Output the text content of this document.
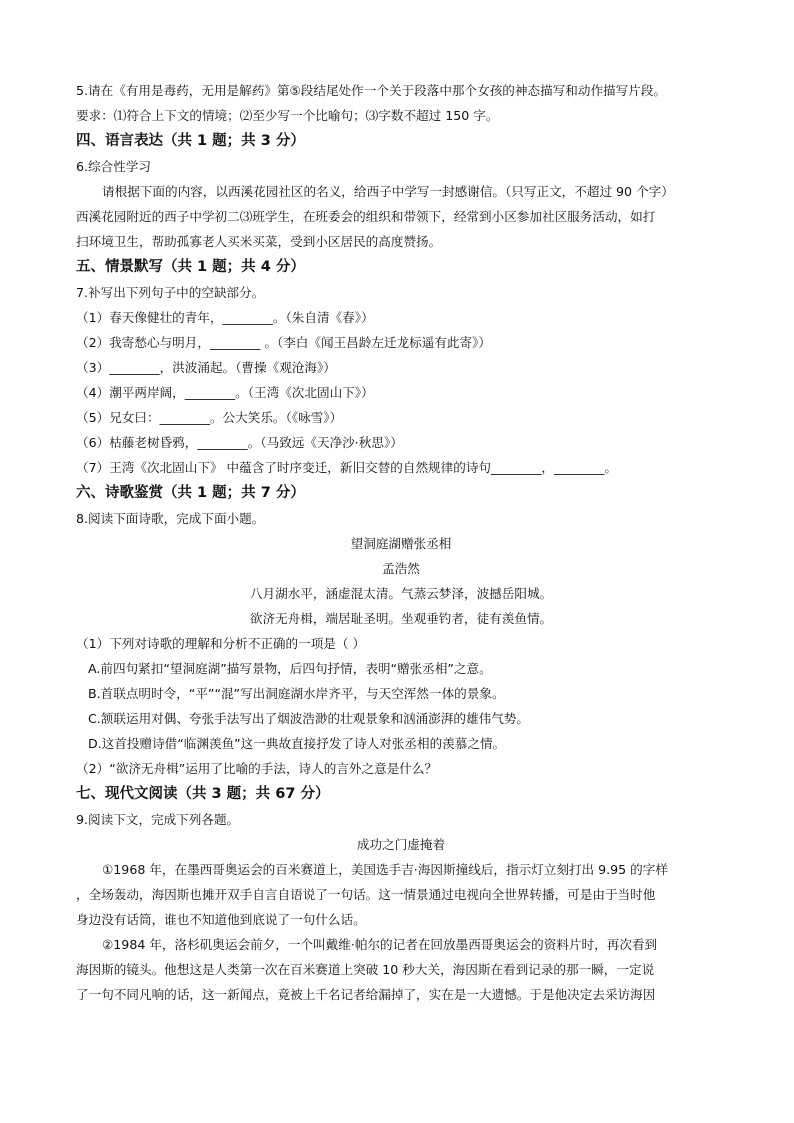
5.请在《有用是毒药，无用是解药》第⑤段结尾处作一个关于段落中那个女孩的神态描写和动作描写片段。
要求：⑴符合上下文的情境；⑵至少写一个比喻句；⑶字数不超过 150 字。
四、语言表达（共 1 题；共 3 分）
6.综合性学习
请根据下面的内容，以西溪花园社区的名义，给西子中学写一封感谢信。（只写正文，不超过 90 个字）
西溪花园附近的西子中学初二⑶班学生，在班委会的组织和带领下，经常到小区参加社区服务活动，如打
扫环境卫生，帮助孤寡老人买米买菜，受到小区居民的高度赞扬。
五、情景默写（共 1 题；共 4 分）
7.补写出下列句子中的空缺部分。
（1）春天像健壮的青年，________。（朱自清《春》）
（2）我寄愁心与明月，________ 。（李白《闻王昌龄左迁龙标遥有此寄》）
（3）________，洪波涌起。（曹操《观沧海》）
（4）潮平两岸阔，________。（王湾《次北固山下》）
（5）兄女曰：________。公大笑乐。（《咏雪》）
（6）枯藤老树昏鸦，________。（马致远《天净沙·秋思》）
（7）王湾《次北固山下》 中蕴含了时序变迁，新旧交替的自然规律的诗句________，________。
六、诗歌鉴赏（共 1 题；共 7 分）
8.阅读下面诗歌，完成下面小题。
望洞庭湖赠张丞相
孟浩然
八月湖水平，涵虚混太清。气蒸云梦泽，波撼岳阳城。
欲济无舟楫，端居耻圣明。坐观垂钓者，徒有羡鱼情。
（1）下列对诗歌的理解和分析不正确的一项是（ ）
A.前四句紧扣“望洞庭湖”描写景物，后四句抒情，表明“赠张丞相”之意。
B.首联点明时令，“平”“混”写出洞庭湖水岸齐平，与天空浑然一体的景象。
C.颔联运用对偶、夸张手法写出了烟波浩渺的壮观景象和汹涌澎湃的雄伟气势。
D.这首投赠诗借“临渊羡鱼”这一典故直接抒发了诗人对张丞相的羡慕之情。
（2）“欲济无舟楫”运用了比喻的手法，诗人的言外之意是什么？
七、现代文阅读（共 3 题；共 67 分）
9.阅读下文，完成下列各题。
成功之门虚掩着
①1968 年，在墨西哥奥运会的百米赛道上，美国选手吉·海因斯撞线后，指示灯立刻打出 9.95 的字样
，全场轰动，海因斯也摊开双手自言自语说了一句话。这一情景通过电视向全世界转播，可是由于当时他
身边没有话筒，谁也不知道他到底说了一句什么话。
②1984 年，洛杉矶奥运会前夕，一个叫戴维·帕尔的记者在回放墨西哥奥运会的资料片时，再次看到
海因斯的镜头。他想这是人类第一次在百米赛道上突破 10 秒大关，海因斯在看到记录的那一瞬，一定说
了一句不同凡响的话，这一新闻点，竟被上千名记者给漏掉了，实在是一大遗憾。于是他决定去采访海因
